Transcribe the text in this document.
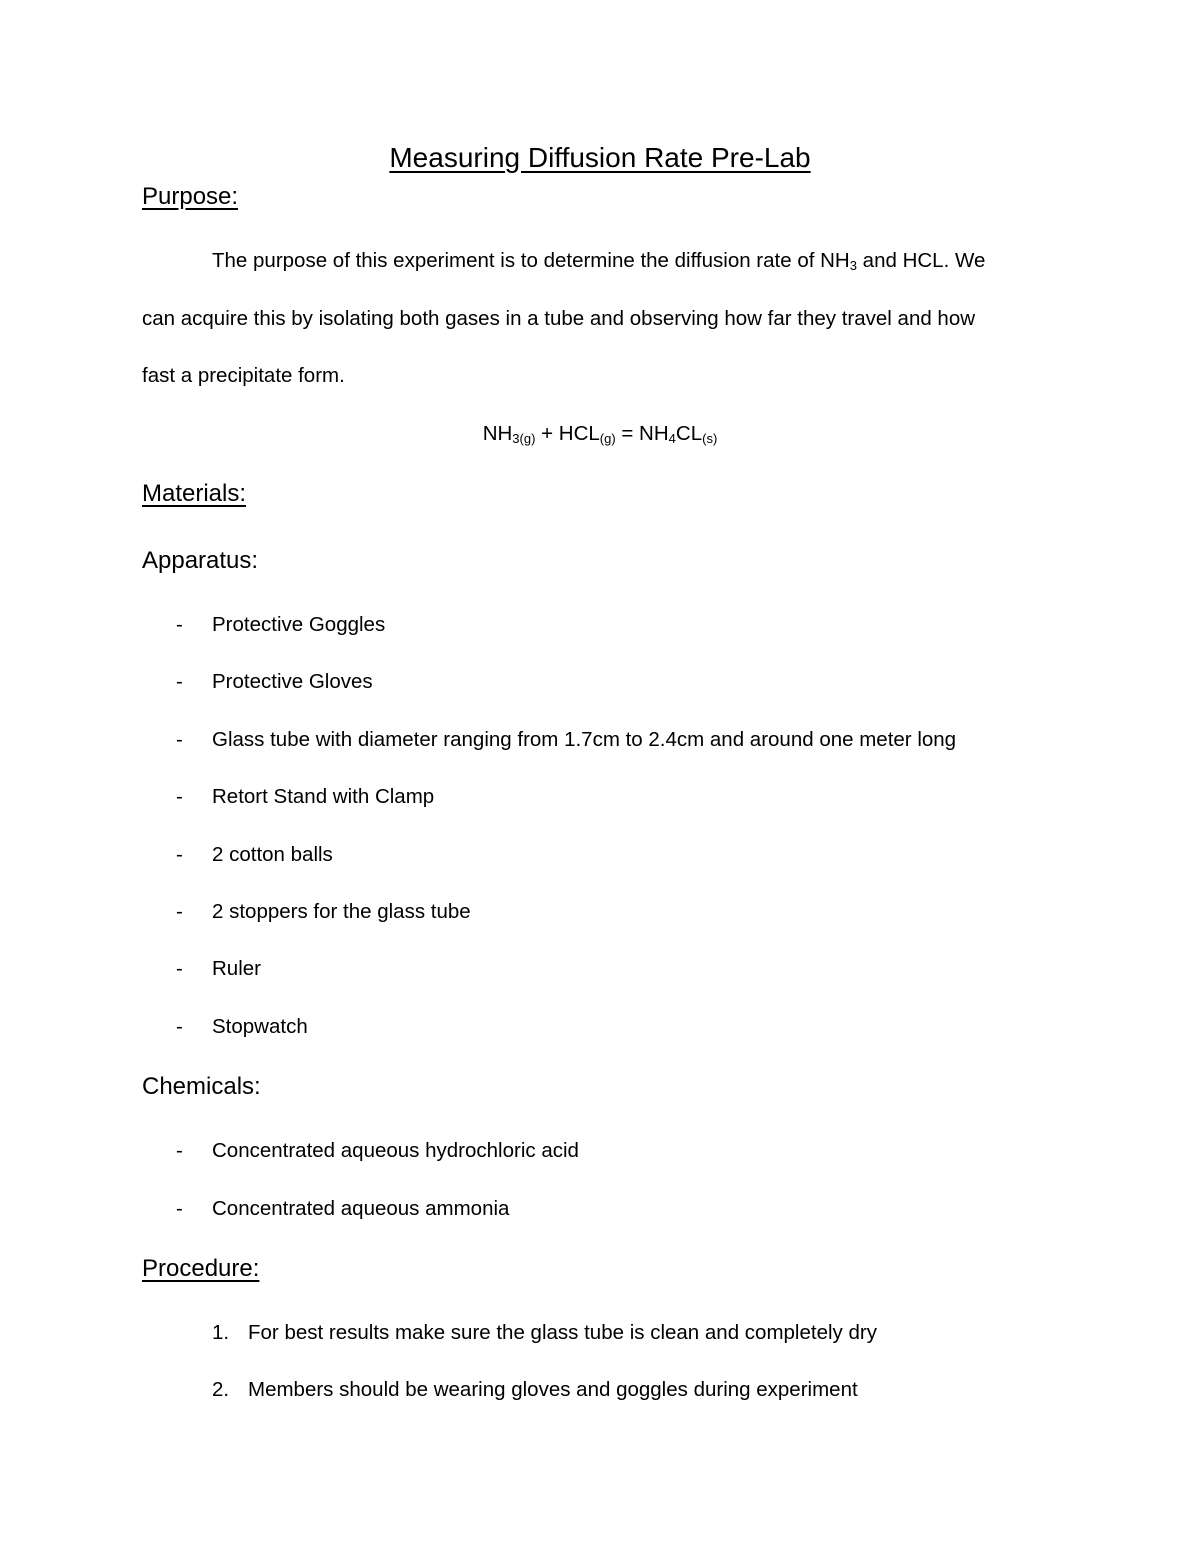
Measuring Diffusion Rate Pre-Lab
Purpose:
The purpose of this experiment is to determine the diffusion rate of $NH_3$ and HCL. We
can acquire this by isolating both gases in a tube and observing how far they travel and how
fast a precipitate form.
$NH_{3(g)} + HCL_{(g)} = NH_4CL_{(s)}$
Materials:
Apparatus:
- Protective Goggles
- Protective Gloves
- Glass tube with diameter ranging from 1.7cm to 2.4cm and around one meter long
- Retort Stand with Clamp
- 2 cotton balls
- 2 stoppers for the glass tube
- Ruler
- Stopwatch
Chemicals:
- Concentrated aqueous hydrochloric acid
- Concentrated aqueous ammonia
Procedure:
1. For best results make sure the glass tube is clean and completely dry
2. Members should be wearing gloves and goggles during experiment
